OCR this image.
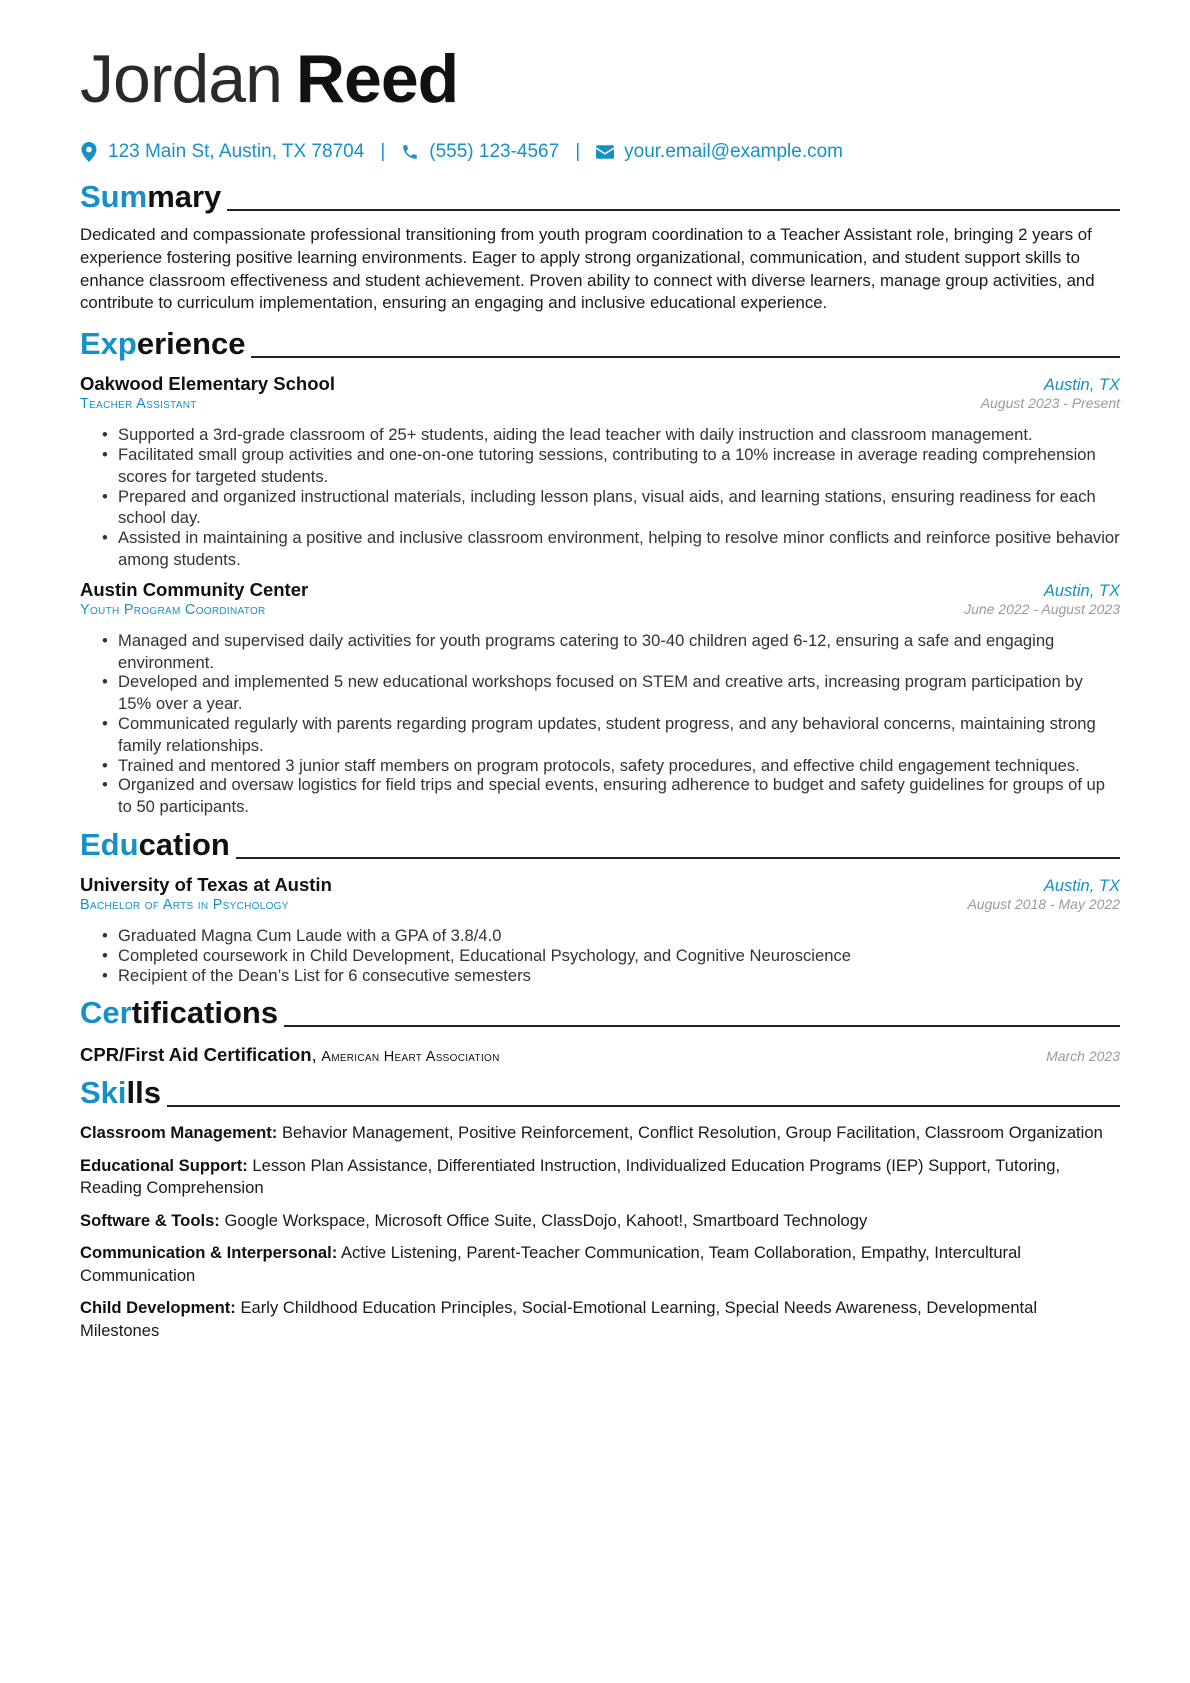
Jordan Reed
123 Main St, Austin, TX 78704 | (555) 123-4567 | your.email@example.com
Summary

Dedicated and compassionate professional transitioning from youth program coordination to a Teacher Assistant role, bringing 2 years of experience fostering positive learning environments. Eager to apply strong organizational, communication, and student support skills to enhance classroom effectiveness and student achievement. Proven ability to connect with diverse learners, manage group activities, and contribute to curriculum implementation, ensuring an engaging and inclusive educational experience.

Experience
Oakwood Elementary School	Austin, TX
Teacher Assistant	August 2023 - Present
• Supported a 3rd-grade classroom of 25+ students, aiding the lead teacher with daily instruction and classroom management.
• Facilitated small group activities and one-on-one tutoring sessions, contributing to a 10% increase in average reading comprehension scores for targeted students.
• Prepared and organized instructional materials, including lesson plans, visual aids, and learning stations, ensuring readiness for each school day.
• Assisted in maintaining a positive and inclusive classroom environment, helping to resolve minor conflicts and reinforce positive behavior among students.
Austin Community Center	Austin, TX
Youth Program Coordinator	June 2022 - August 2023
• Managed and supervised daily activities for youth programs catering to 30-40 children aged 6-12, ensuring a safe and engaging environment.
• Developed and implemented 5 new educational workshops focused on STEM and creative arts, increasing program participation by 15% over a year.
• Communicated regularly with parents regarding program updates, student progress, and any behavioral concerns, maintaining strong family relationships.
• Trained and mentored 3 junior staff members on program protocols, safety procedures, and effective child engagement techniques.
• Organized and oversaw logistics for field trips and special events, ensuring adherence to budget and safety guidelines for groups of up to 50 participants.
Education
University of Texas at Austin	Austin, TX
Bachelor of Arts in Psychology	August 2018 - May 2022
• Graduated Magna Cum Laude with a GPA of 3.8/4.0
• Completed coursework in Child Development, Educational Psychology, and Cognitive Neuroscience
• Recipient of the Dean’s List for 6 consecutive semesters
Certifications
CPR/First Aid Certification, American Heart Association	March 2023
Skills
Classroom Management: Behavior Management, Positive Reinforcement, Conflict Resolution, Group Facilitation, Classroom Organization
Educational Support: Lesson Plan Assistance, Differentiated Instruction, Individualized Education Programs (IEP) Support, Tutoring, Reading Comprehension
Software & Tools: Google Workspace, Microsoft Office Suite, ClassDojo, Kahoot!, Smartboard Technology
Communication & Interpersonal: Active Listening, Parent-Teacher Communication, Team Collaboration, Empathy, Intercultural Communication
Child Development: Early Childhood Education Principles, Social-Emotional Learning, Special Needs Awareness, Developmental Milestones
